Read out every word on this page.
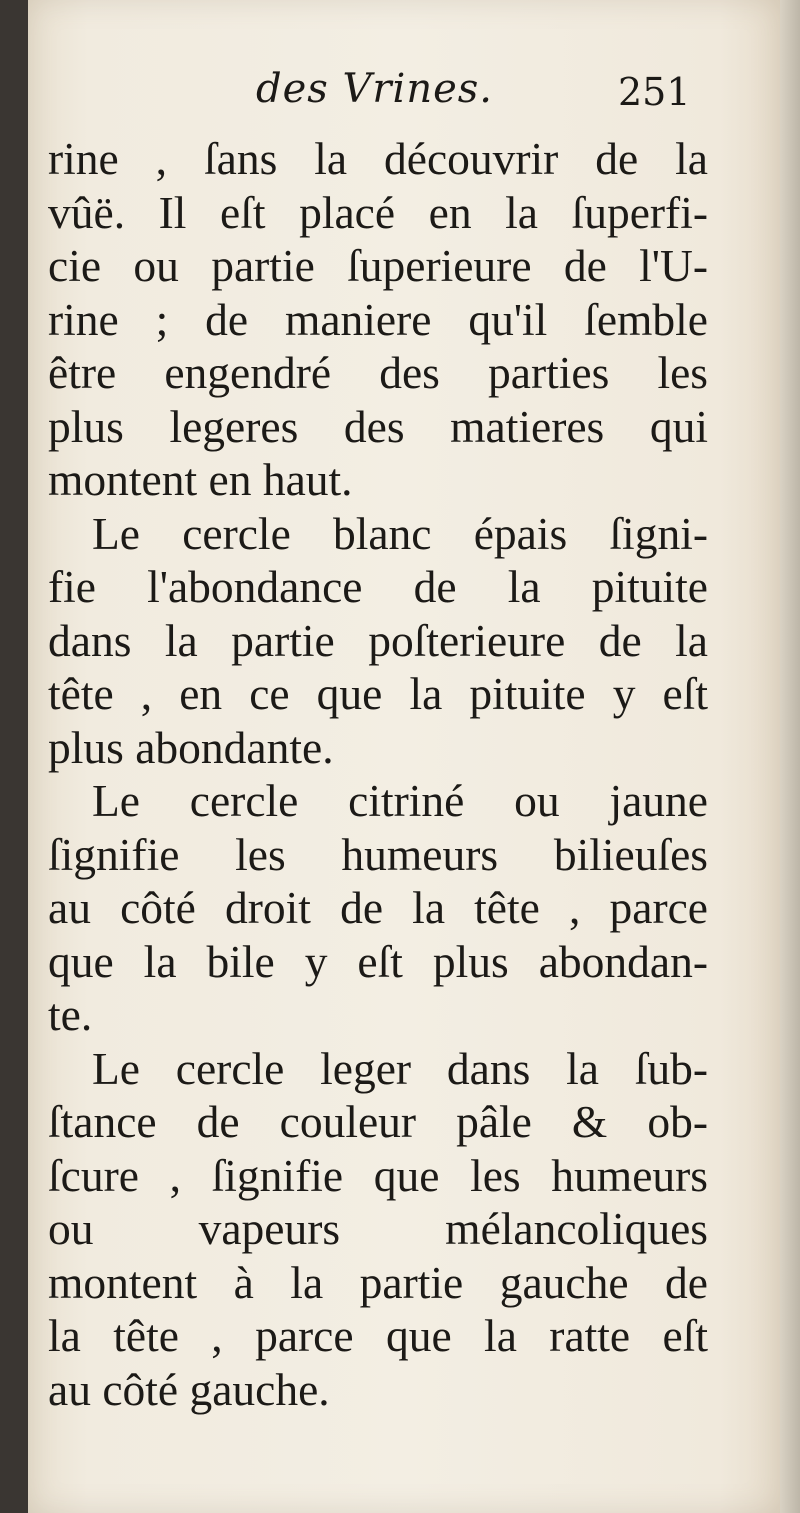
des Vrines.	251
rine , ſans la découvrir de la
vûë. Il eſt placé en la ſuperfi-
cie ou partie ſuperieure de l'U-
rine ; de maniere qu'il ſemble
être engendré des parties les
plus legeres des matieres qui
montent en haut.
Le cercle blanc épais ſigni-
fie l'abondance de la pituite
dans la partie poſterieure de la
tête , en ce que la pituite y eſt
plus abondante.
Le cercle citriné ou jaune
ſignifie les humeurs bilieuſes
au côté droit de la tête , parce
que la bile y eſt plus abondan-
te.
Le cercle leger dans la ſub-
ſtance de couleur pâle & ob-
ſcure , ſignifie que les humeurs
ou vapeurs mélancoliques
montent à la partie gauche de
la tête , parce que la ratte eſt
au côté gauche.
